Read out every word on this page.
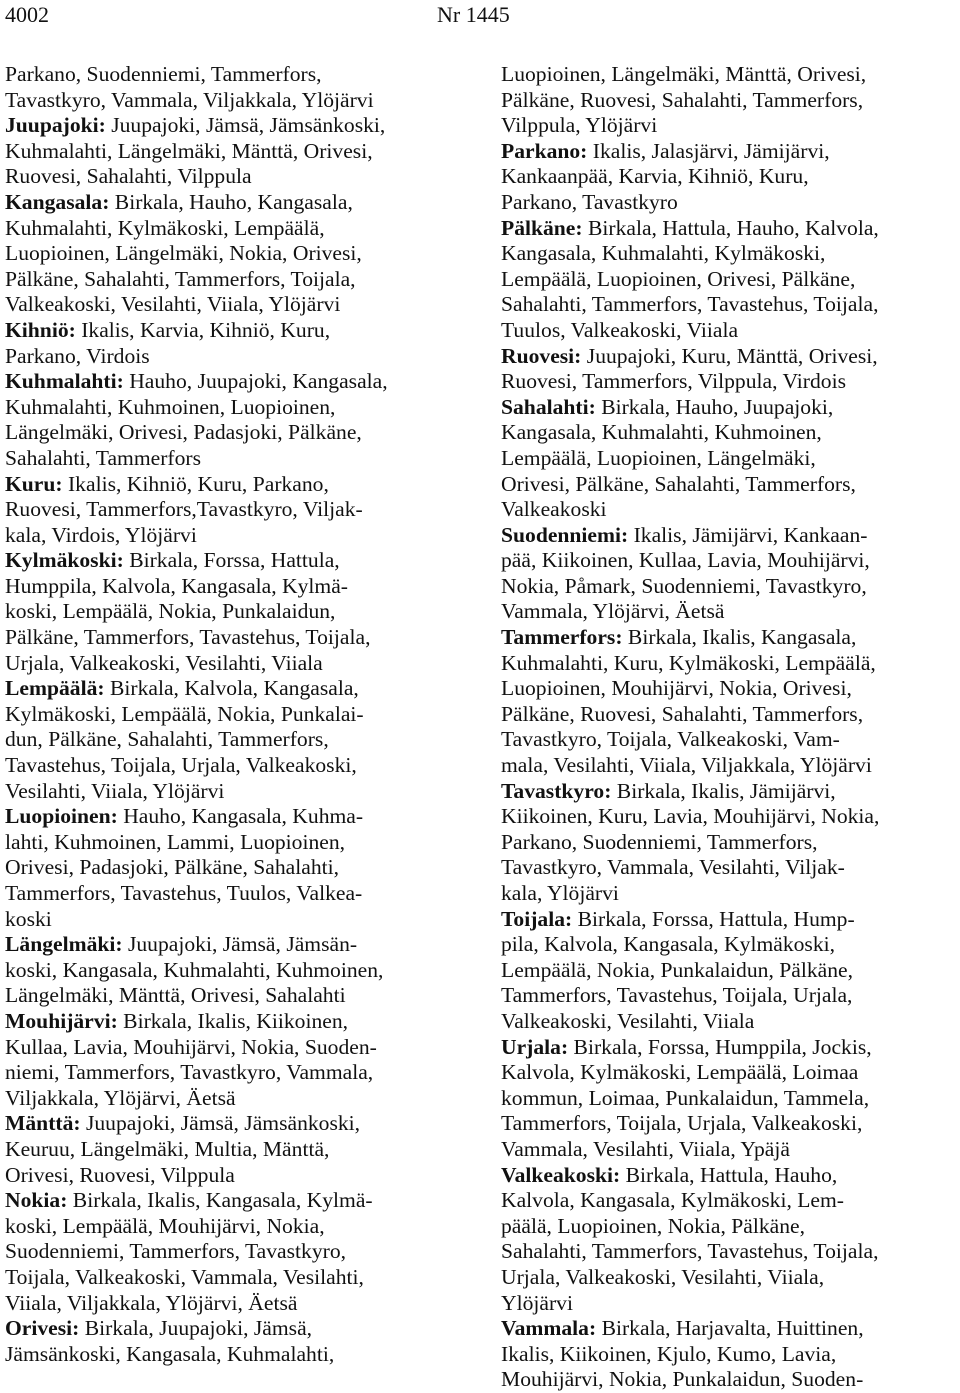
4002	Nr 1445
Parkano, Suodenniemi, Tammerfors,
Tavastkyro, Vammala, Viljakkala, Ylöjärvi
Juupajoki: Juupajoki, Jämsä, Jämsänkoski,
Kuhmalahti, Längelmäki, Mänttä, Orivesi,
Ruovesi, Sahalahti, Vilppula
Kangasala: Birkala, Hauho, Kangasala,
Kuhmalahti, Kylmäkoski, Lempäälä,
Luopioinen, Längelmäki, Nokia, Orivesi,
Pälkäne, Sahalahti, Tammerfors, Toijala,
Valkeakoski, Vesilahti, Viiala, Ylöjärvi
Kihniö: Ikalis, Karvia, Kihniö, Kuru,
Parkano, Virdois
Kuhmalahti: Hauho, Juupajoki, Kangasala,
Kuhmalahti, Kuhmoinen, Luopioinen,
Längelmäki, Orivesi, Padasjoki, Pälkäne,
Sahalahti, Tammerfors
Kuru: Ikalis, Kihniö, Kuru, Parkano,
Ruovesi, Tammerfors,Tavastkyro, Viljak-
kala, Virdois, Ylöjärvi
Kylmäkoski: Birkala, Forssa, Hattula,
Humppila, Kalvola, Kangasala, Kylmä-
koski, Lempäälä, Nokia, Punkalaidun,
Pälkäne, Tammerfors, Tavastehus, Toijala,
Urjala, Valkeakoski, Vesilahti, Viiala
Lempäälä: Birkala, Kalvola, Kangasala,
Kylmäkoski, Lempäälä, Nokia, Punkalai-
dun, Pälkäne, Sahalahti, Tammerfors,
Tavastehus, Toijala, Urjala, Valkeakoski,
Vesilahti, Viiala, Ylöjärvi
Luopioinen: Hauho, Kangasala, Kuhma-
lahti, Kuhmoinen, Lammi, Luopioinen,
Orivesi, Padasjoki, Pälkäne, Sahalahti,
Tammerfors, Tavastehus, Tuulos, Valkea-
koski
Längelmäki: Juupajoki, Jämsä, Jämsän-
koski, Kangasala, Kuhmalahti, Kuhmoinen,
Längelmäki, Mänttä, Orivesi, Sahalahti
Mouhijärvi: Birkala, Ikalis, Kiikoinen,
Kullaa, Lavia, Mouhijärvi, Nokia, Suoden-
niemi, Tammerfors, Tavastkyro, Vammala,
Viljakkala, Ylöjärvi, Äetsä
Mänttä: Juupajoki, Jämsä, Jämsänkoski,
Keuruu, Längelmäki, Multia, Mänttä,
Orivesi, Ruovesi, Vilppula
Nokia: Birkala, Ikalis, Kangasala, Kylmä-
koski, Lempäälä, Mouhijärvi, Nokia,
Suodenniemi, Tammerfors, Tavastkyro,
Toijala, Valkeakoski, Vammala, Vesilahti,
Viiala, Viljakkala, Ylöjärvi, Äetsä
Orivesi: Birkala, Juupajoki, Jämsä,
Jämsänkoski, Kangasala, Kuhmalahti,
Luopioinen, Längelmäki, Mänttä, Orivesi,
Pälkäne, Ruovesi, Sahalahti, Tammerfors,
Vilppula, Ylöjärvi
Parkano: Ikalis, Jalasjärvi, Jämijärvi,
Kankaanpää, Karvia, Kihniö, Kuru,
Parkano, Tavastkyro
Pälkäne: Birkala, Hattula, Hauho, Kalvola,
Kangasala, Kuhmalahti, Kylmäkoski,
Lempäälä, Luopioinen, Orivesi, Pälkäne,
Sahalahti, Tammerfors, Tavastehus, Toijala,
Tuulos, Valkeakoski, Viiala
Ruovesi: Juupajoki, Kuru, Mänttä, Orivesi,
Ruovesi, Tammerfors, Vilppula, Virdois
Sahalahti: Birkala, Hauho, Juupajoki,
Kangasala, Kuhmalahti, Kuhmoinen,
Lempäälä, Luopioinen, Längelmäki,
Orivesi, Pälkäne, Sahalahti, Tammerfors,
Valkeakoski
Suodenniemi: Ikalis, Jämijärvi, Kankaan-
pää, Kiikoinen, Kullaa, Lavia, Mouhijärvi,
Nokia, Påmark, Suodenniemi, Tavastkyro,
Vammala, Ylöjärvi, Äetsä
Tammerfors: Birkala, Ikalis, Kangasala,
Kuhmalahti, Kuru, Kylmäkoski, Lempäälä,
Luopioinen, Mouhijärvi, Nokia, Orivesi,
Pälkäne, Ruovesi, Sahalahti, Tammerfors,
Tavastkyro, Toijala, Valkeakoski, Vam-
mala, Vesilahti, Viiala, Viljakkala, Ylöjärvi
Tavastkyro: Birkala, Ikalis, Jämijärvi,
Kiikoinen, Kuru, Lavia, Mouhijärvi, Nokia,
Parkano, Suodenniemi, Tammerfors,
Tavastkyro, Vammala, Vesilahti, Viljak-
kala, Ylöjärvi
Toijala: Birkala, Forssa, Hattula, Hump-
pila, Kalvola, Kangasala, Kylmäkoski,
Lempäälä, Nokia, Punkalaidun, Pälkäne,
Tammerfors, Tavastehus, Toijala, Urjala,
Valkeakoski, Vesilahti, Viiala
Urjala: Birkala, Forssa, Humppila, Jockis,
Kalvola, Kylmäkoski, Lempäälä, Loimaa
kommun, Loimaa, Punkalaidun, Tammela,
Tammerfors, Toijala, Urjala, Valkeakoski,
Vammala, Vesilahti, Viiala, Ypäjä
Valkeakoski: Birkala, Hattula, Hauho,
Kalvola, Kangasala, Kylmäkoski, Lem-
päälä, Luopioinen, Nokia, Pälkäne,
Sahalahti, Tammerfors, Tavastehus, Toijala,
Urjala, Valkeakoski, Vesilahti, Viiala,
Ylöjärvi
Vammala: Birkala, Harjavalta, Huittinen,
Ikalis, Kiikoinen, Kjulo, Kumo, Lavia,
Mouhijärvi, Nokia, Punkalaidun, Suoden-
